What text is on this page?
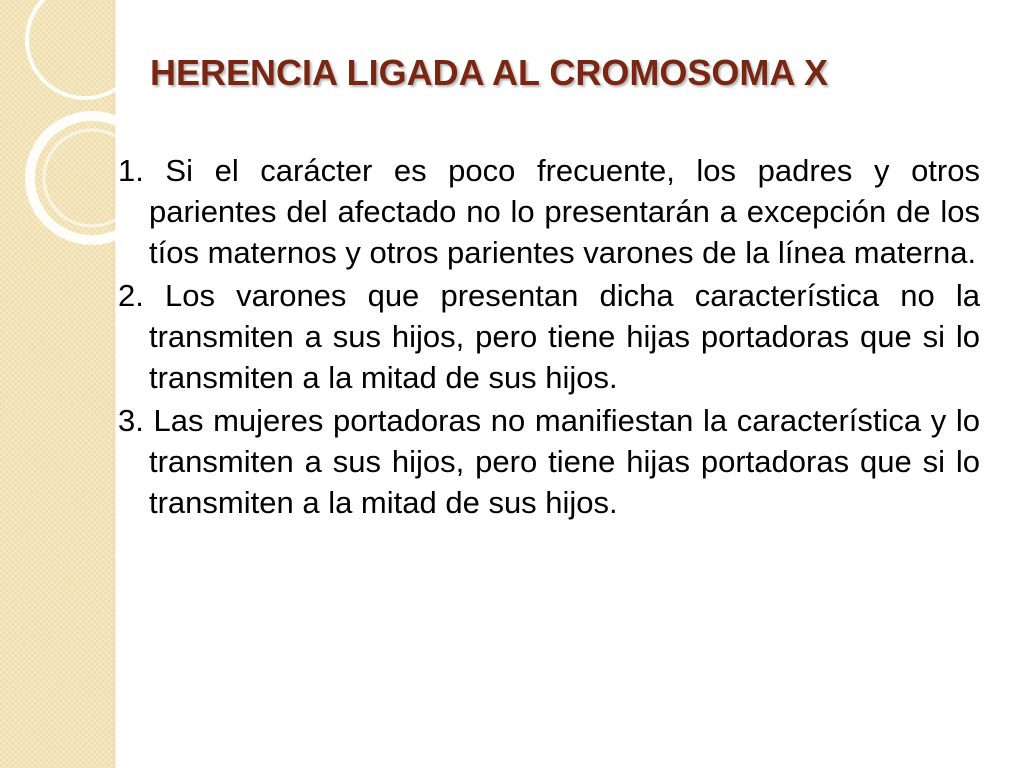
HERENCIA LIGADA AL CROMOSOMA X
1. Si el carácter es poco frecuente, los padres y otros parientes del afectado no lo presentarán a excepción de los tíos maternos y otros parientes varones de la línea materna.
2. Los varones que presentan dicha característica no la transmiten a sus hijos, pero tiene hijas portadoras que si lo transmiten a la mitad de sus hijos.
3. Las mujeres portadoras no manifiestan la característica y lo transmiten a sus hijos, pero tiene hijas portadoras que si lo transmiten a la mitad de sus hijos.
